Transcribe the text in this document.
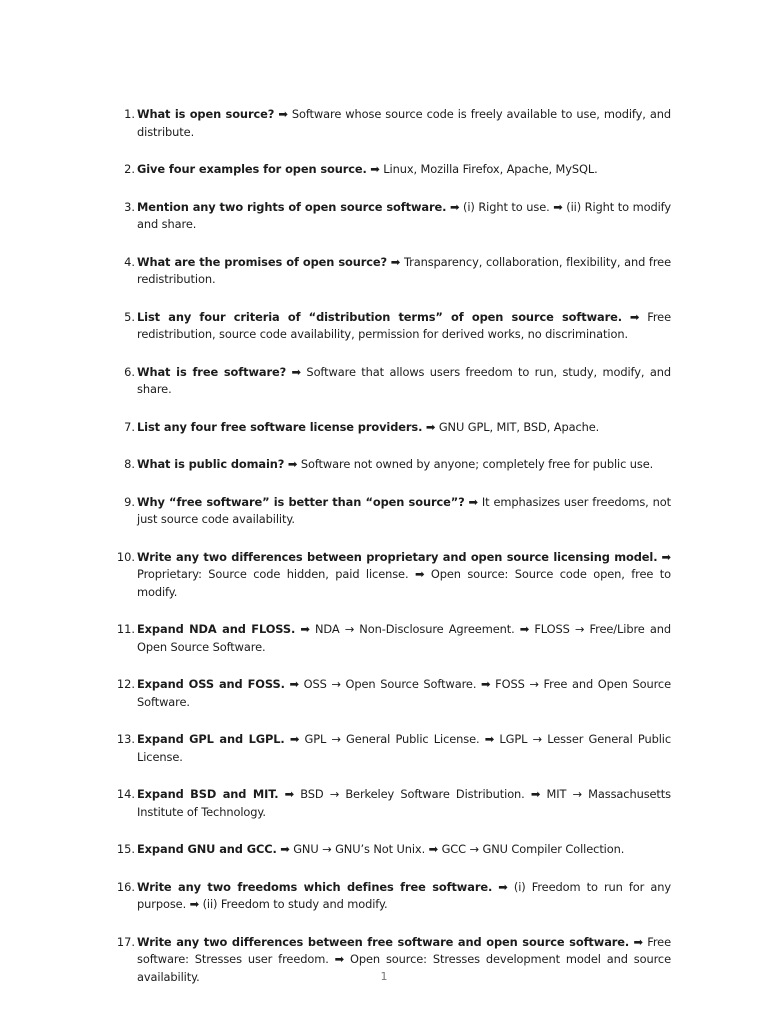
1. What is open source? ➡ Software whose source code is freely available to use, modify, and distribute.
2. Give four examples for open source. ➡ Linux, Mozilla Firefox, Apache, MySQL.
3. Mention any two rights of open source software. ➡ (i) Right to use. ➡ (ii) Right to modify and share.
4. What are the promises of open source? ➡ Transparency, collaboration, flexibility, and free redistribution.
5. List any four criteria of “distribution terms” of open source software. ➡ Free redistribution, source code availability, permission for derived works, no discrimination.
6. What is free software? ➡ Software that allows users freedom to run, study, modify, and share.
7. List any four free software license providers. ➡ GNU GPL, MIT, BSD, Apache.
8. What is public domain? ➡ Software not owned by anyone; completely free for public use.
9. Why “free software” is better than “open source”? ➡ It emphasizes user freedoms, not just source code availability.
10. Write any two differences between proprietary and open source licensing model. ➡ Proprietary: Source code hidden, paid license. ➡ Open source: Source code open, free to modify.
11. Expand NDA and FLOSS. ➡ NDA → Non-Disclosure Agreement. ➡ FLOSS → Free/Libre and Open Source Software.
12. Expand OSS and FOSS. ➡ OSS → Open Source Software. ➡ FOSS → Free and Open Source Software.
13. Expand GPL and LGPL. ➡ GPL → General Public License. ➡ LGPL → Lesser General Public License.
14. Expand BSD and MIT. ➡ BSD → Berkeley Software Distribution. ➡ MIT → Massachusetts Institute of Technology.
15. Expand GNU and GCC. ➡ GNU → GNU’s Not Unix. ➡ GCC → GNU Compiler Collection.
16. Write any two freedoms which defines free software. ➡ (i) Freedom to run for any purpose. ➡ (ii) Freedom to study and modify.
17. Write any two differences between free software and open source software. ➡ Free software: Stresses user freedom. ➡ Open source: Stresses development model and source availability.	1
